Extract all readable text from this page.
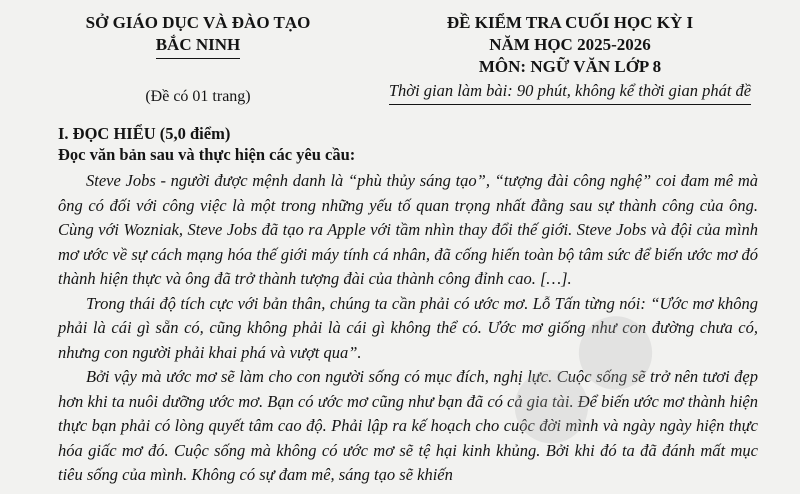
SỞ GIÁO DỤC VÀ ĐÀO TẠO
BẮC NINH
(Đề có 01 trang)
ĐỀ KIỂM TRA CUỐI HỌC KỲ I
NĂM HỌC 2025-2026
MÔN: NGỮ VĂN LỚP 8
Thời gian làm bài: 90 phút, không kể thời gian phát đề
I. ĐỌC HIỂU (5,0 điểm)
Đọc văn bản sau và thực hiện các yêu cầu:

Steve Jobs - người được mệnh danh là “phù thủy sáng tạo”, “tượng đài công nghệ” coi đam mê mà ông có đối với công việc là một trong những yếu tố quan trọng nhất đằng sau sự thành công của ông. Cùng với Wozniak, Steve Jobs đã tạo ra Apple với tầm nhìn thay đổi thế giới. Steve Jobs và đội của mình mơ ước về sự cách mạng hóa thế giới máy tính cá nhân, đã cống hiến toàn bộ tâm sức để biến ước mơ đó thành hiện thực và ông đã trở thành tượng đài của thành công đỉnh cao. […].

Trong thái độ tích cực với bản thân, chúng ta cần phải có ước mơ. Lỗ Tấn từng nói: “Ước mơ không phải là cái gì sẵn có, cũng không phải là cái gì không thể có. Ước mơ giống như con đường chưa có, nhưng con người phải khai phá và vượt qua”.

Bởi vậy mà ước mơ sẽ làm cho con người sống có mục đích, nghị lực. Cuộc sống sẽ trở nên tươi đẹp hơn khi ta nuôi dưỡng ước mơ. Bạn có ước mơ cũng như bạn đã có cả gia tài. Để biến ước mơ thành hiện thực bạn phải có lòng quyết tâm cao độ. Phải lập ra kế hoạch cho cuộc đời mình và ngày ngày hiện thực hóa giấc mơ đó. Cuộc sống mà không có ước mơ sẽ tệ hại kinh khủng. Bởi khi đó ta đã đánh mất mục tiêu sống của mình. Không có sự đam mê, sáng tạo sẽ khiến

●●
